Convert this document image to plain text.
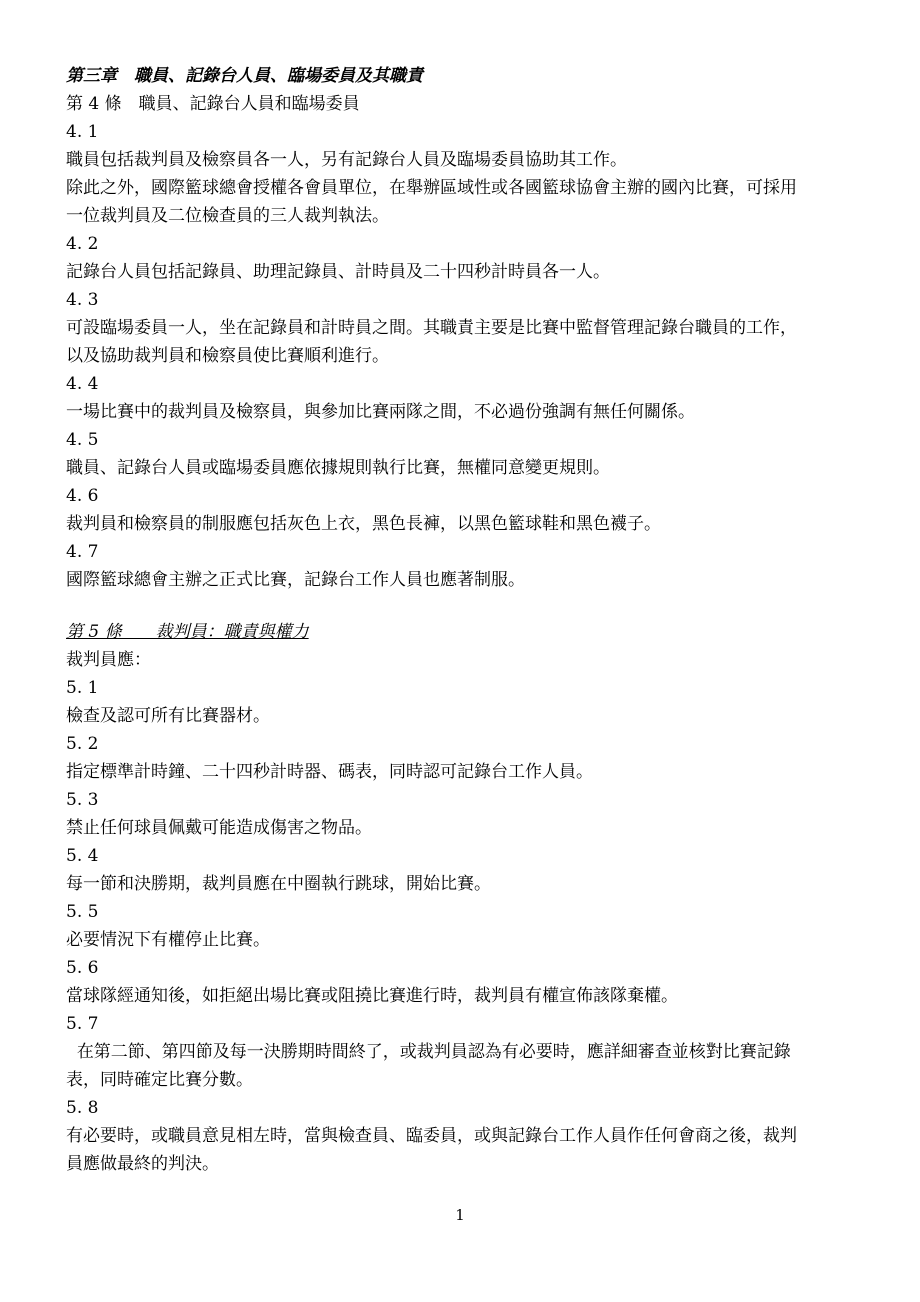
第三章　職員、記錄台人員、臨場委員及其職責

第 4 條　職員、記錄台人員和臨場委員

4. 1

職員包括裁判員及檢察員各一人，另有記錄台人員及臨場委員協助其工作。

除此之外，國際籃球總會授權各會員單位，在舉辦區域性或各國籃球協會主辦的國內比賽，可採用

一位裁判員及二位檢查員的三人裁判執法。

4. 2

記錄台人員包括記錄員、助理記錄員、計時員及二十四秒計時員各一人。

4. 3

可設臨場委員一人，坐在記錄員和計時員之間。其職責主要是比賽中監督管理記錄台職員的工作，

以及協助裁判員和檢察員使比賽順利進行。

4. 4

一場比賽中的裁判員及檢察員，與參加比賽兩隊之間，不必過份強調有無任何關係。

4. 5

職員、記錄台人員或臨場委員應依據規則執行比賽，無權同意變更規則。

4. 6

裁判員和檢察員的制服應包括灰色上衣，黑色長褲，以黑色籃球鞋和黑色襪子。

4. 7

國際籃球總會主辦之正式比賽，記錄台工作人員也應著制服。

第 5 條　　裁判員：職責與權力

裁判員應：

5. 1

檢查及認可所有比賽器材。

5. 2

指定標準計時鐘、二十四秒計時器、碼表，同時認可記錄台工作人員。

5. 3

禁止任何球員佩戴可能造成傷害之物品。

5. 4

每一節和決勝期，裁判員應在中圈執行跳球，開始比賽。

5. 5

必要情況下有權停止比賽。

5. 6

當球隊經通知後，如拒絕出場比賽或阻撓比賽進行時，裁判員有權宣佈該隊棄權。

5. 7

在第二節、第四節及每一決勝期時間終了，或裁判員認為有必要時，應詳細審查並核對比賽記錄

表，同時確定比賽分數。

5. 8

有必要時，或職員意見相左時，當與檢查員、臨委員，或與記錄台工作人員作任何會商之後，裁判

員應做最終的判決。

1
